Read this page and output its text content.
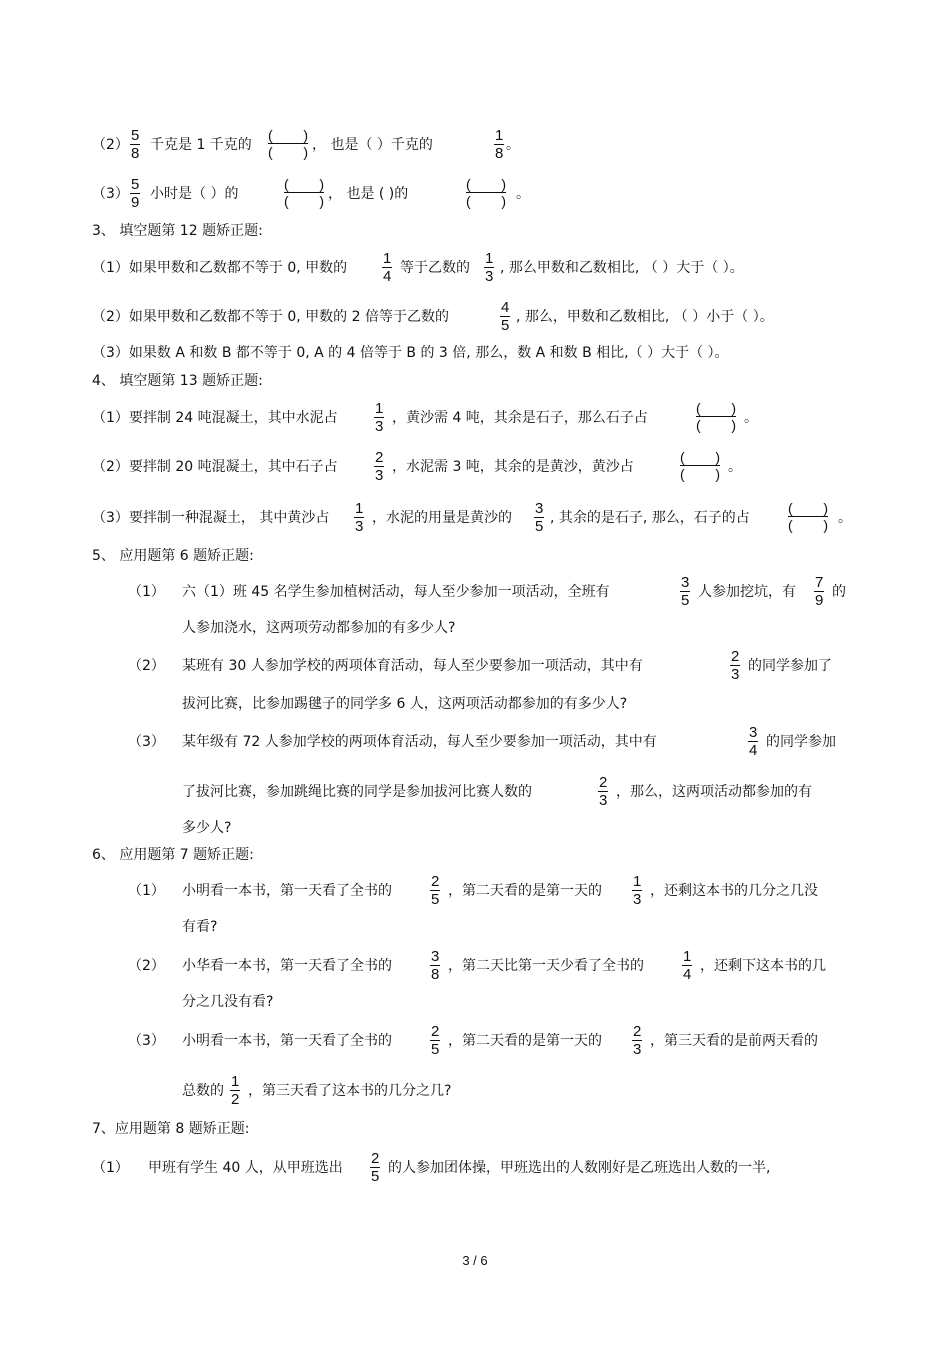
（2）
5
8 千克是 1 千克的
( )
( ) ， 也是（ ）千克的
1
8 。
（3）
5
9 小时是（ ）的
( )
( ) ， 也是 ( )的
( )
( ) 。
3、 填空题第 12 题矫正题:
（1）如果甲数和乙数都不等于 0, 甲数的
1
4 等于乙数的
1
3 , 那么甲数和乙数相比, （ ）大于（ ）。
（2）如果甲数和乙数都不等于 0, 甲数的 2 倍等于乙数的
4
5 , 那么，甲数和乙数相比, （ ）小于（ ）。
（3）如果数 A 和数 B 都不等于 0, A 的 4 倍等于 B 的 3 倍, 那么，数 A 和数 B 相比,（ ）大于（ ）。
4、 填空题第 13 题矫正题:
（1）要拌制 24 吨混凝土，其中水泥占
1
3 ，黄沙需 4 吨，其余是石子，那么石子占
( )
( ) 。
（2）要拌制 20 吨混凝土，其中石子占
2
3 ，水泥需 3 吨，其余的是黄沙，黄沙占
( )
( ) 。
（3）要拌制一种混凝土， 其中黄沙占
1
3 ，水泥的用量是黄沙的
3
5 , 其余的是石子, 那么，石子的占
( )
( ) 。
5、 应用题第 6 题矫正题:
（1） 六（1）班 45 名学生参加植树活动，每人至少参加一项活动，全班有
3
5 人参加挖坑，有
7
9 的
人参加浇水，这两项劳动都参加的有多少人?
（2） 某班有 30 人参加学校的两项体育活动，每人至少要参加一项活动，其中有
2
3 的同学参加了
拔河比赛，比参加踢毽子的同学多 6 人，这两项活动都参加的有多少人?
（3） 某年级有 72 人参加学校的两项体育活动，每人至少要参加一项活动，其中有
3
4 的同学参加
了拔河比赛，参加跳绳比赛的同学是参加拔河比赛人数的
2
3 ，那么，这两项活动都参加的有
多少人?
6、 应用题第 7 题矫正题:
（1） 小明看一本书，第一天看了全书的
2
5 ，第二天看的是第一天的
1
3 ，还剩这本书的几分之几没
有看?
（2） 小华看一本书，第一天看了全书的
3
8 ，第二天比第一天少看了全书的
1
4 ，还剩下这本书的几
分之几没有看?
（3） 小明看一本书，第一天看了全书的
2
5 ，第二天看的是第一天的
2
3 ，第三天看的是前两天看的
总数的
1
2 ，第三天看了这本书的几分之几?
7、应用题第 8 题矫正题:
（1） 甲班有学生 40 人，从甲班选出
2
5 的人参加团体操，甲班选出的人数刚好是乙班选出人数的一半,
3 / 6
